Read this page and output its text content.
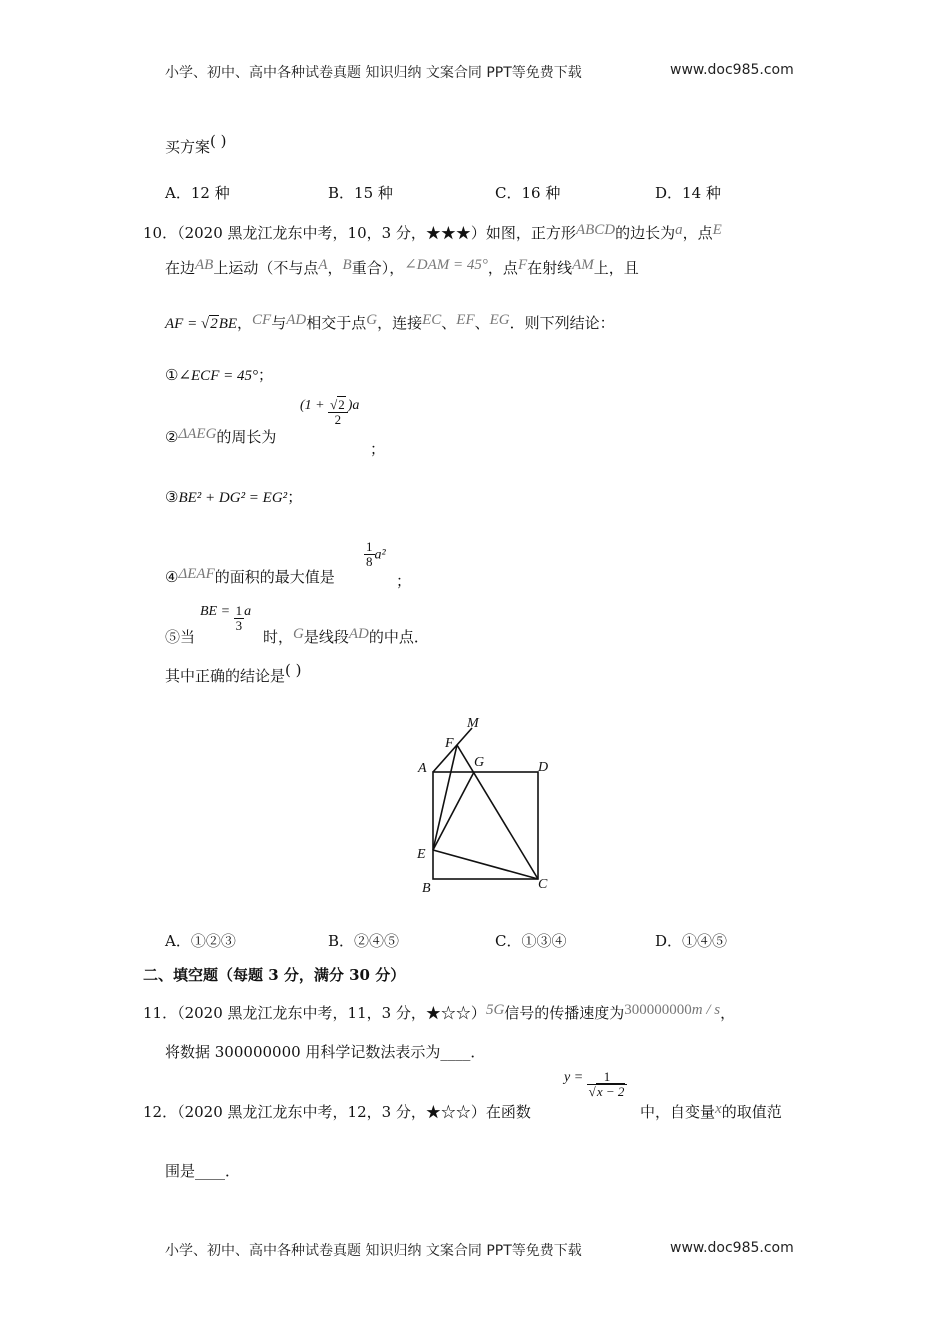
小学、初中、高中各种试卷真题 知识归纳 文案合同 PPT等免费下载	www.doc985.com
买方案( )
A．12 种	B．15 种	C．16 种	D．14 种
10．（2020 黑龙江龙东中考，10，3 分，★★★）如图，正方形ABCD的边长为a，点E
在边AB上运动（不与点A，B重合），∠DAM = 45°，点F在射线AM上，且
AF = √2BE，CF与AD相交于点G，连接EC、EF、EG．则下列结论：
①∠ECF = 45°；
②ΔAEG的周长为
$(1 + \frac{√2}{2} )a$
；
③BE² + DG² = EG²；
④ΔEAF的面积的最大值是
$\frac{1}{8} a^2$
；
BE = $\frac{1}{3}$ a
⑤当	时，G是线段AD的中点．
其中正确的结论是( )
M
F
G
A	D
E
B	C
A．①②③	B．②④⑤	C．①③④	D．①④⑤
二、填空题（每题 3 分，满分 30 分）
11．（2020 黑龙江龙东中考，11，3 分，★☆☆）5G信号的传播速度为300000000m / s，
将数据 300000000 用科学记数法表示为____．
$y = \frac{1}{√x - 2}$
12．（2020 黑龙江龙东中考，12，3 分，★☆☆）在函数	中，自变量x的取值范
围是____．
小学、初中、高中各种试卷真题 知识归纳 文案合同 PPT等免费下载	www.doc985.com
